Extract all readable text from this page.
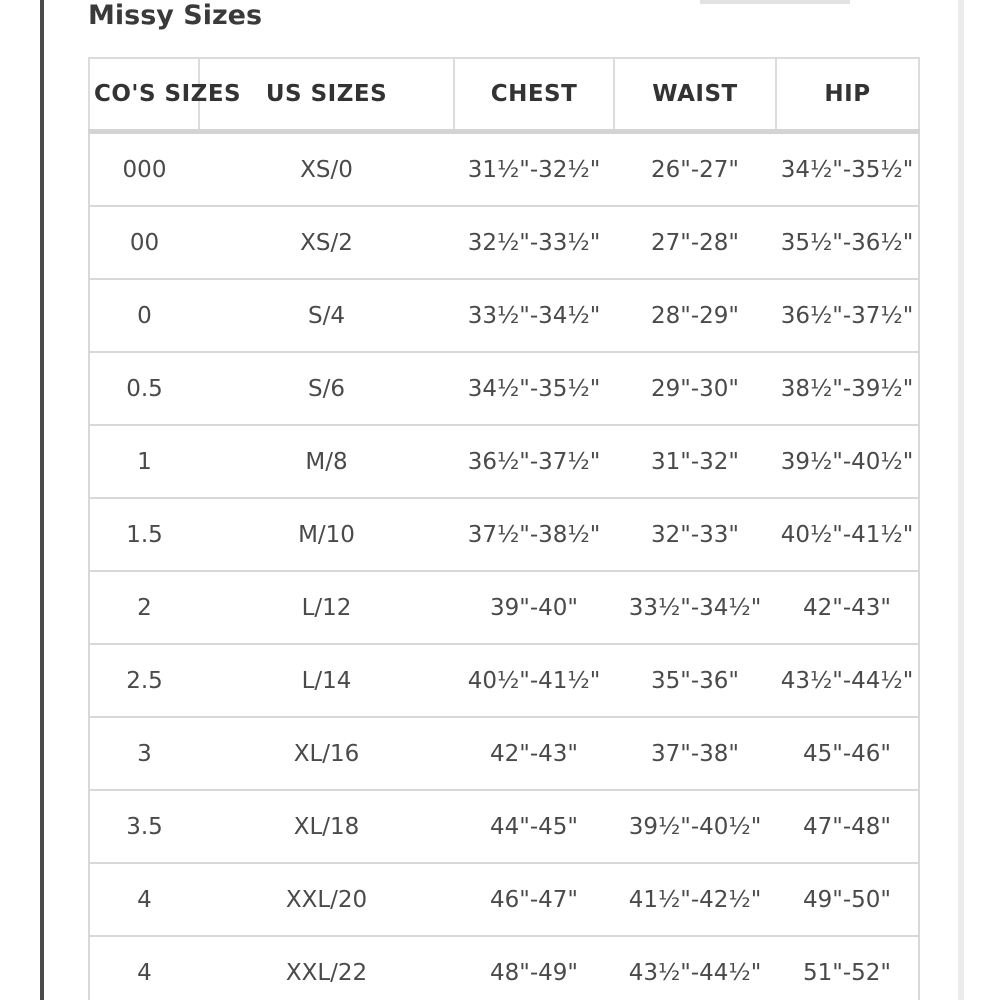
Missy Sizes
CO'S SIZES	US SIZES	CHEST	WAIST	HIP
000	XS/0	31½"-32½"	26"-27"	34½"-35½"
00	XS/2	32½"-33½"	27"-28"	35½"-36½"
0	S/4	33½"-34½"	28"-29"	36½"-37½"
0.5	S/6	34½"-35½"	29"-30"	38½"-39½"
1	M/8	36½"-37½"	31"-32"	39½"-40½"
1.5	M/10	37½"-38½"	32"-33"	40½"-41½"
2	L/12	39"-40"	33½"-34½"	42"-43"
2.5	L/14	40½"-41½"	35"-36"	43½"-44½"
3	XL/16	42"-43"	37"-38"	45"-46"
3.5	XL/18	44"-45"	39½"-40½"	47"-48"
4	XXL/20	46"-47"	41½"-42½"	49"-50"
4	XXL/22	48"-49"	43½"-44½"	51"-52"
